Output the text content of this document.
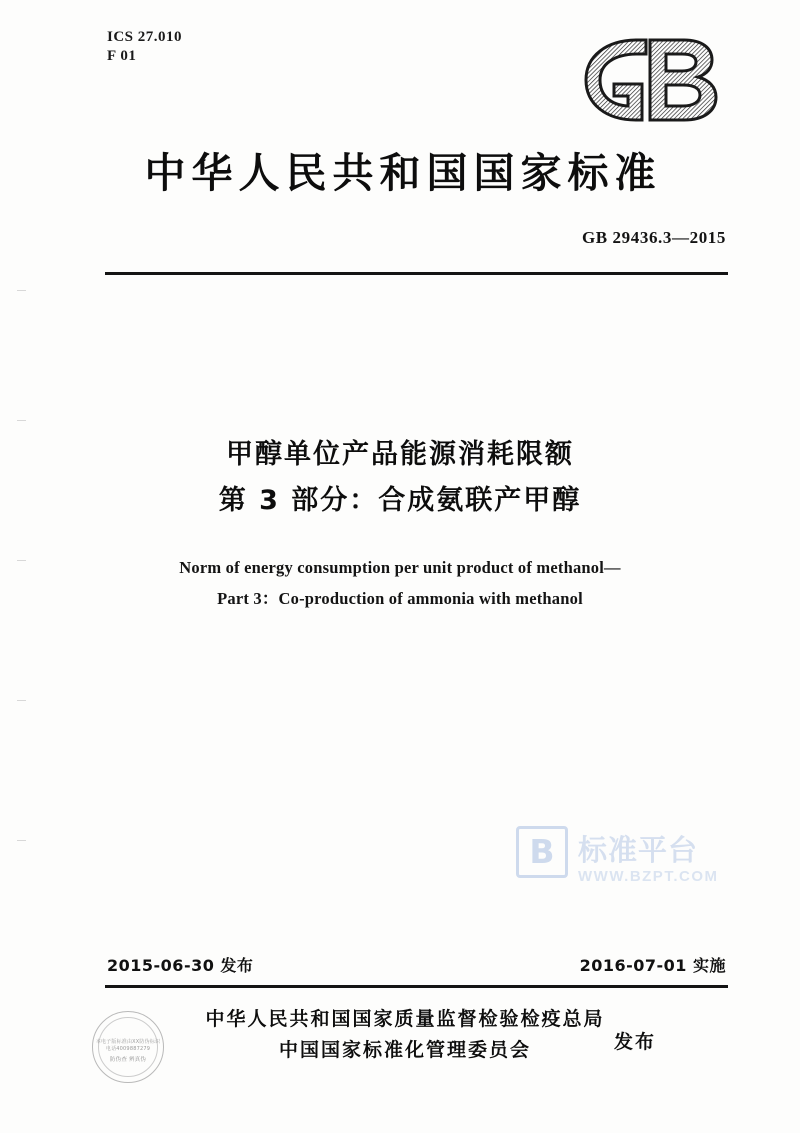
ICS 27.010
F 01
中华人民共和国国家标准
GB 29436.3—2015
甲醇单位产品能源消耗限额
第 3 部分：合成氨联产甲醇
Norm of energy consumption per unit product of methanol—
Part 3：Co-production of ammonia with methanol
B 标准平台
WWW.BZPT.COM
2015-06-30 发布	2016-07-01 实施
中华人民共和国国家质量监督检验检疫总局
中国国家标准化管理委员会	发布
本电子版标准由XX防伪标识
电话4009887279
防伪查 辨真伪
